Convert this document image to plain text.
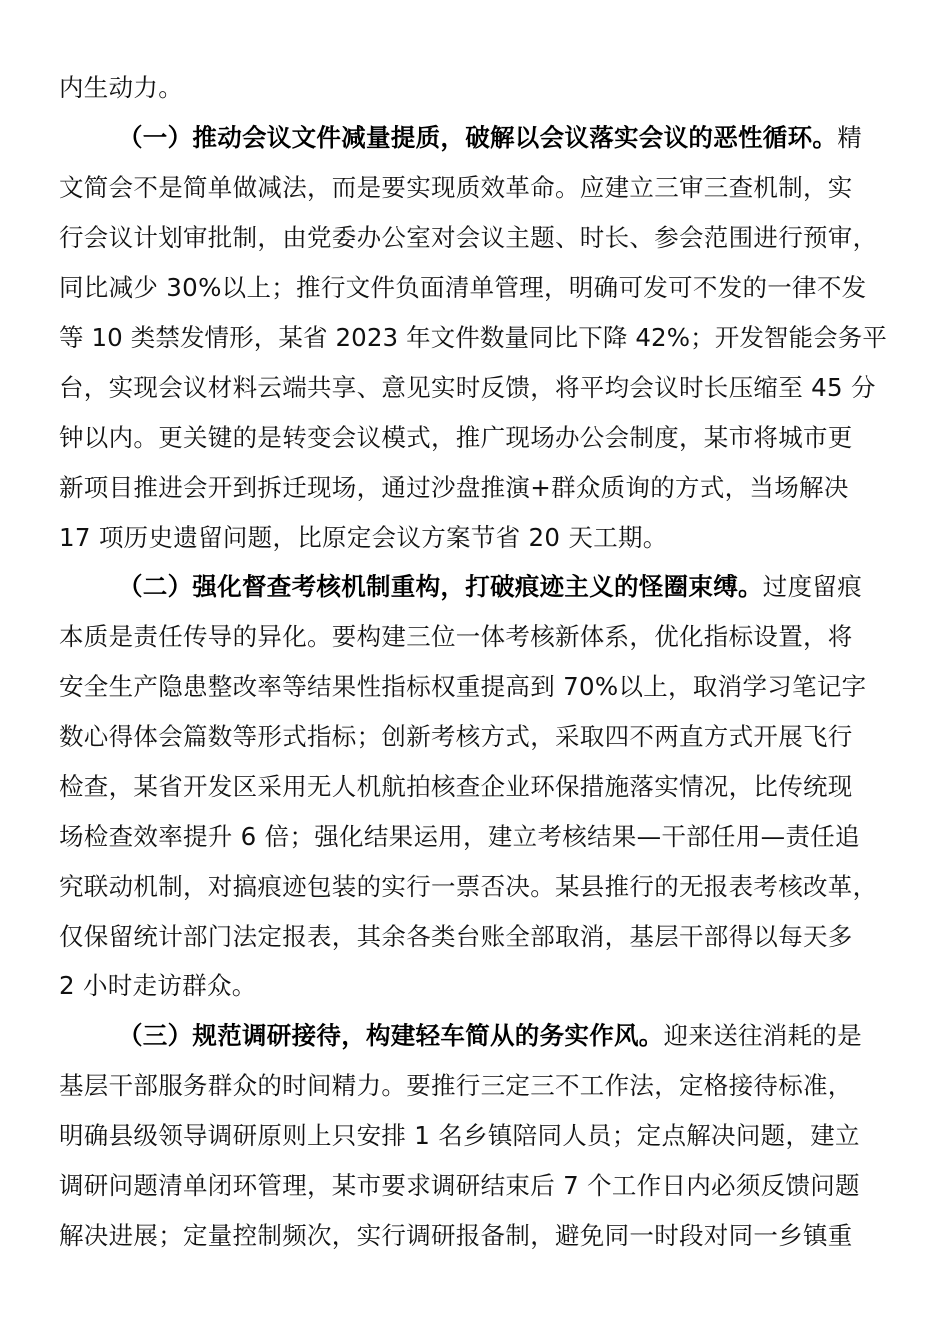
内生动力。
（一）推动会议文件减量提质，破解以会议落实会议的恶性循环。精
文简会不是简单做减法，而是要实现质效革命。应建立三审三查机制，实
行会议计划审批制，由党委办公室对会议主题、时长、参会范围进行预审，
同比减少 30%以上；推行文件负面清单管理，明确可发可不发的一律不发
等 10 类禁发情形，某省 2023 年文件数量同比下降 42%；开发智能会务平
台，实现会议材料云端共享、意见实时反馈，将平均会议时长压缩至 45 分
钟以内。更关键的是转变会议模式，推广现场办公会制度，某市将城市更
新项目推进会开到拆迁现场，通过沙盘推演+群众质询的方式，当场解决
17 项历史遗留问题，比原定会议方案节省 20 天工期。
（二）强化督查考核机制重构，打破痕迹主义的怪圈束缚。过度留痕
本质是责任传导的异化。要构建三位一体考核新体系，优化指标设置，将
安全生产隐患整改率等结果性指标权重提高到 70%以上，取消学习笔记字
数心得体会篇数等形式指标；创新考核方式，采取四不两直方式开展飞行
检查，某省开发区采用无人机航拍核查企业环保措施落实情况，比传统现
场检查效率提升 6 倍；强化结果运用，建立考核结果—干部任用—责任追
究联动机制，对搞痕迹包装的实行一票否决。某县推行的无报表考核改革，
仅保留统计部门法定报表，其余各类台账全部取消，基层干部得以每天多
2 小时走访群众。
（三）规范调研接待，构建轻车简从的务实作风。迎来送往消耗的是
基层干部服务群众的时间精力。要推行三定三不工作法，定格接待标准，
明确县级领导调研原则上只安排 1 名乡镇陪同人员；定点解决问题，建立
调研问题清单闭环管理，某市要求调研结束后 7 个工作日内必须反馈问题
解决进展；定量控制频次，实行调研报备制，避免同一时段对同一乡镇重
